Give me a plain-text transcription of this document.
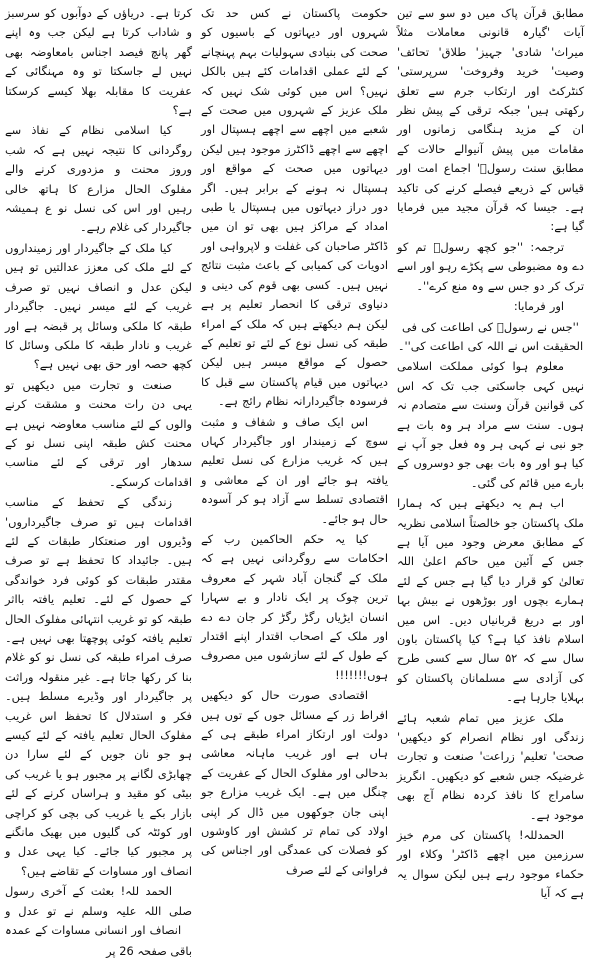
مطابق قرآن پاک میں دو سو سے تین آیات 'گیارہ قانونی معاملات مثلاً میراث' شادی' جہیز' طلاق' تحائف' وصیت' خرید وفروخت' سرپرستی' کنٹرکٹ اور ارتکاب جرم سے تعلق رکھتی ہیں' جبکہ ترقی کے پیش نظر ان کے مزید ہنگامی زمانوں اور مقامات میں پیش آنیوالے حالات کے مطابق سنت رسولؐ' اجماع امت اور قیاس کے ذریعے فیصلے کرنے کی تاکید ہے۔ جیسا کہ قرآن مجید میں فرمایا گیا ہے:

ترجمہ: ''جو کچھ رسولؐ تم کو دے وہ مضبوطی سے پکڑے رہو اور اسے ترک کر دو جس سے وہ منع کرے''۔

اور فرمایا:

''جس نے رسولؐ کی اطاعت کی فی الحقیقت اس نے اللہ کی اطاعت کی''۔

معلوم ہوا کوئی مملکت اسلامی نہیں کہی جاسکتی جب تک کہ اس کی قوانین قرآن وسنت سے متصادم نہ ہوں۔ سنت سے مراد ہر وہ بات ہے جو نبی نے کہی ہر وہ فعل جو آپ نے کیا ہو اور وہ بات بھی جو دوسروں کے بارے میں قائم کی گئی۔

اب ہم یہ دیکھتے ہیں کہ ہمارا ملک پاکستان جو خالصتاً اسلامی نظریہ کے مطابق معرض وجود میں آیا ہے جس کے آئین میں حاکم اعلیٰ اللہ تعالیٰ کو قرار دیا گیا ہے جس کے لئے ہمارے بچوں اور بوڑھوں نے بیش بہا اور بے دریغ قربانیاں دیں۔ اس میں اسلام نافذ کیا ہے؟ کیا پاکستان باون سال سے کہ ۵۲ سال سے کسی طرح کی آزادی سے مسلمانان پاکستان کو بہلایا جارہا ہے۔

ملک عزیز میں تمام شعبہ ہائے زندگی اور نظام انصرام کو دیکھیں' صحت' تعلیم' زراعت' صنعت و تجارت غرضیکہ جس شعبے کو دیکھیں۔ انگریز سامراج کا نافذ کردہ نظام آج بھی موجود ہے۔

الحمدللہ! پاکستان کی مرم خیز سرزمین میں اچھے ڈاکٹر' وکلاء اور حکماء موجود رہے ہیں لیکن سوال یہ ہے کہ آیا

حکومت پاکستان نے کس حد تک شہروں اور دیہاتوں کے باسیوں کو صحت کی بنیادی سہولیات بہم پہنچانے کے لئے عملی اقدامات کئے ہیں بالکل نہیں؟ اس میں کوئی شک نہیں کہ ملک عزیز کے شہروں میں صحت کے شعبے میں اچھے سے اچھے ہسپتال اور اچھے سے اچھے ڈاکٹرز موجود ہیں لیکن دیہاتوں میں صحت کے مواقع اور ہسپتال نہ ہونے کے برابر ہیں۔ اگر دور دراز دیہاتوں میں ہسپتال یا طبی امداد کے مراکز ہیں بھی تو ان میں ڈاکٹر صاحبان کی غفلت و لاپرواہی اور ادویات کی کمیابی کے باعث مثبت نتائج نہیں ہیں۔ کسی بھی قوم کی دینی و دنیاوی ترقی کا انحصار تعلیم پر ہے لیکن ہم دیکھتے ہیں کہ ملک کے امراء طبقہ کی نسل نوع کے لئے تو تعلیم کے حصول کے مواقع میسر ہیں لیکن دیہاتوں میں قیام پاکستان سے قبل کا فرسودہ جاگیردارانہ نظام رائج ہے۔

اس ایک صاف و شفاف و مثبت سوچ کے زمیندار اور جاگیردار کہاں ہیں کہ غریب مزارع کی نسل تعلیم یافتہ ہو جائے اور ان کے معاشی و اقتصادی تسلط سے آزاد ہو کر آسودہ حال ہو جائے۔

کیا یہ حکم الحاکمین رب کے احکامات سے روگردانی نہیں ہے کہ ملک کے گنجان آباد شہر کے معروف ترین چوک پر ایک نادار و بے سہارا انسان ایڑیاں رگڑ رگڑ کر جان دے دے اور ملک کے اصحاب اقتدار اپنے اقتدار کے طول کے لئے سازشوں میں مصروف ہوں!!!!!!!

اقتصادی صورت حال کو دیکھیں افراط زر کے مسائل جوں کے توں ہیں دولت اور ارتکاز امراء طبقے ہی کے ہاں ہے اور غریب ماہانہ معاشی بدحالی اور مفلوک الحال کے عفریت کے چنگل میں ہے۔ ایک غریب مزارع جو اپنی جان جوکھوں میں ڈال کر اپنی اولاد کی تمام تر کشش اور کاوشوں کو فصلات کی عمدگی اور اجناس کی فراوانی کے لئے صرف

کرتا ہے۔ دریاؤں کے دوآبوں کو سرسبز و شاداب کرتا ہے لیکن جب وہ اپنے گھر پانچ فیصد اجناس بامعاوضہ بھی نہیں لے جاسکتا تو وہ مہنگائی کے عفریت کا مقابلہ بھلا کیسے کرسکتا ہے؟

کیا اسلامی نظام کے نفاذ سے روگردانی کا نتیجہ نہیں ہے کہ شب وروز محنت و مزدوری کرنے والے مفلوک الحال مزارع کا ہاتھ خالی رہیں اور اس کی نسل نو ع ہمیشہ جاگیردار کی غلام رہے۔

کیا ملک کے جاگیردار اور زمینداروں کے لئے ملک کی معزز عدالتیں تو ہیں لیکن عدل و انصاف نہیں تو صرف غریب کے لئے میسر نہیں۔ جاگیردار طبقہ کا ملکی وسائل پر قبضہ ہے اور غریب و نادار طبقہ کا ملکی وسائل کا کچھ حصہ اور حق بھی نہیں ہے؟

صنعت و تجارت میں دیکھیں تو یہی دن رات محنت و مشقت کرنے والوں کے لئے مناسب معاوضہ نہیں ہے محنت کش طبقہ اپنی نسل نو کے سدھار اور ترقی کے لئے مناسب اقدامات کرسکے۔

زندگی کے تحفظ کے مناسب اقدامات ہیں تو صرف جاگیرداروں' وڈیروں اور صنعتکار طبقات کے لئے ہیں۔ جائیداد کا تحفظ ہے تو صرف مقتدر طبقات کو کوئی فرد خواندگی کے حصول کے لئے۔ تعلیم یافتہ بااثر طبقہ کو تو غریب انتہائی مفلوک الحال تعلیم یافتہ کوئی پوچھتا بھی نہیں ہے۔ صرف امراء طبقہ کی نسل نو کو غلام بنا کر رکھا جاتا ہے۔ غیر منقولہ وراثت پر جاگیردار اور وڈیرے مسلط ہیں۔ فکر و استدلال کا تحفظ اس غریب مفلوک الحال تعلیم یافتہ کے لئے کیسے ہو جو نان جویں کے لئے سارا دن چھابڑی لگانے پر مجبور ہو یا غریب کی بیٹی کو مقید و ہراساں کرنے کے لئے بازار بکے یا غریب کی بچی کو کراچی اور کوئٹہ کی گلیوں میں بھیک مانگنے پر مجبور کیا جائے۔ کیا یہی عدل و انصاف اور مساوات کے تقاضے ہیں؟

الحمد للہ! بعثت کے آخری رسول صلی اللہ علیہ وسلم نے تو عدل و انصاف اور انسانی مساوات کے عمدہ

باقی صفحہ 26 پر
